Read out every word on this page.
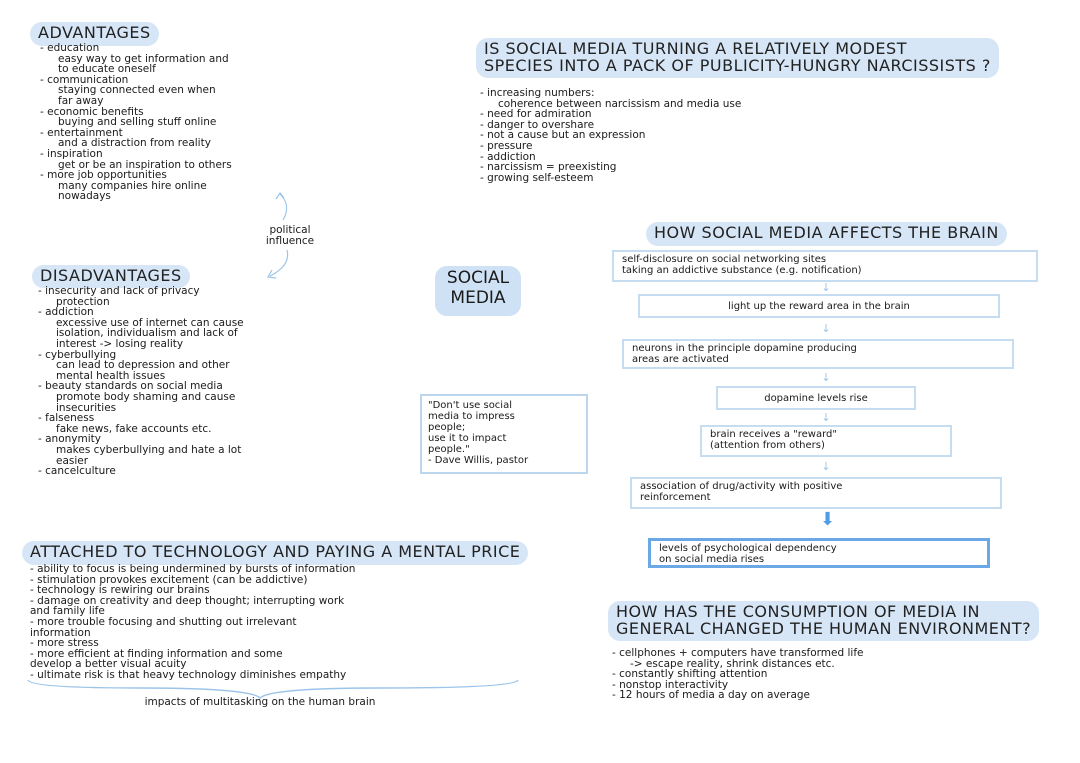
ADVANTAGES
- education
easy way to get information and
to educate oneself
- communication
staying connected even when
far away
- economic benefits
buying and selling stuff online
- entertainment
and a distraction from reality
- inspiration
get or be an inspiration to others
- more job opportunities
many companies hire online
nowadays
political
influence
DISADVANTAGES
- insecurity and lack of privacy
protection
- addiction
excessive use of internet can cause
isolation, individualism and lack of
interest -> losing reality
- cyberbullying
can lead to depression and other
mental health issues
- beauty standards on social media
promote body shaming and cause
insecurities
- falseness
fake news, fake accounts etc.
- anonymity
makes cyberbullying and hate a lot
easier
- cancelculture
SOCIAL
MEDIA
"Don't use social
media to impress
people;
use it to impact
people."
- Dave Willis, pastor
IS SOCIAL MEDIA TURNING A RELATIVELY MODEST
SPECIES INTO A PACK OF PUBLICITY-HUNGRY NARCISSISTS ?
- increasing numbers:
coherence between narcissism and media use
- need for admiration
- danger to overshare
- not a cause but an expression
- pressure
- addiction
- narcissism = preexisting
- growing self-esteem
HOW SOCIAL MEDIA AFFECTS THE BRAIN
self-disclosure on social networking sites
taking an addictive substance (e.g. notification)
↓
light up the reward area in the brain
↓
neurons in the principle dopamine producing
areas are activated
↓
dopamine levels rise
↓
brain receives a "reward"
(attention from others)
↓
association of drug/activity with positive
reinforcement
⬇
levels of psychological dependency
on social media rises
ATTACHED TO TECHNOLOGY AND PAYING A MENTAL PRICE
- ability to focus is being undermined by bursts of information
- stimulation provokes excitement (can be addictive)
- technology is rewiring our brains
- damage on creativity and deep thought; interrupting work
and family life
- more trouble focusing and shutting out irrelevant
information
- more stress
- more efficient at finding information and some
develop a better visual acuity
- ultimate risk is that heavy technology diminishes empathy
impacts of multitasking on the human brain
HOW HAS THE CONSUMPTION OF MEDIA IN
GENERAL CHANGED THE HUMAN ENVIRONMENT?
- cellphones + computers have transformed life
-> escape reality, shrink distances etc.
- constantly shifting attention
- nonstop interactivity
- 12 hours of media a day on average
